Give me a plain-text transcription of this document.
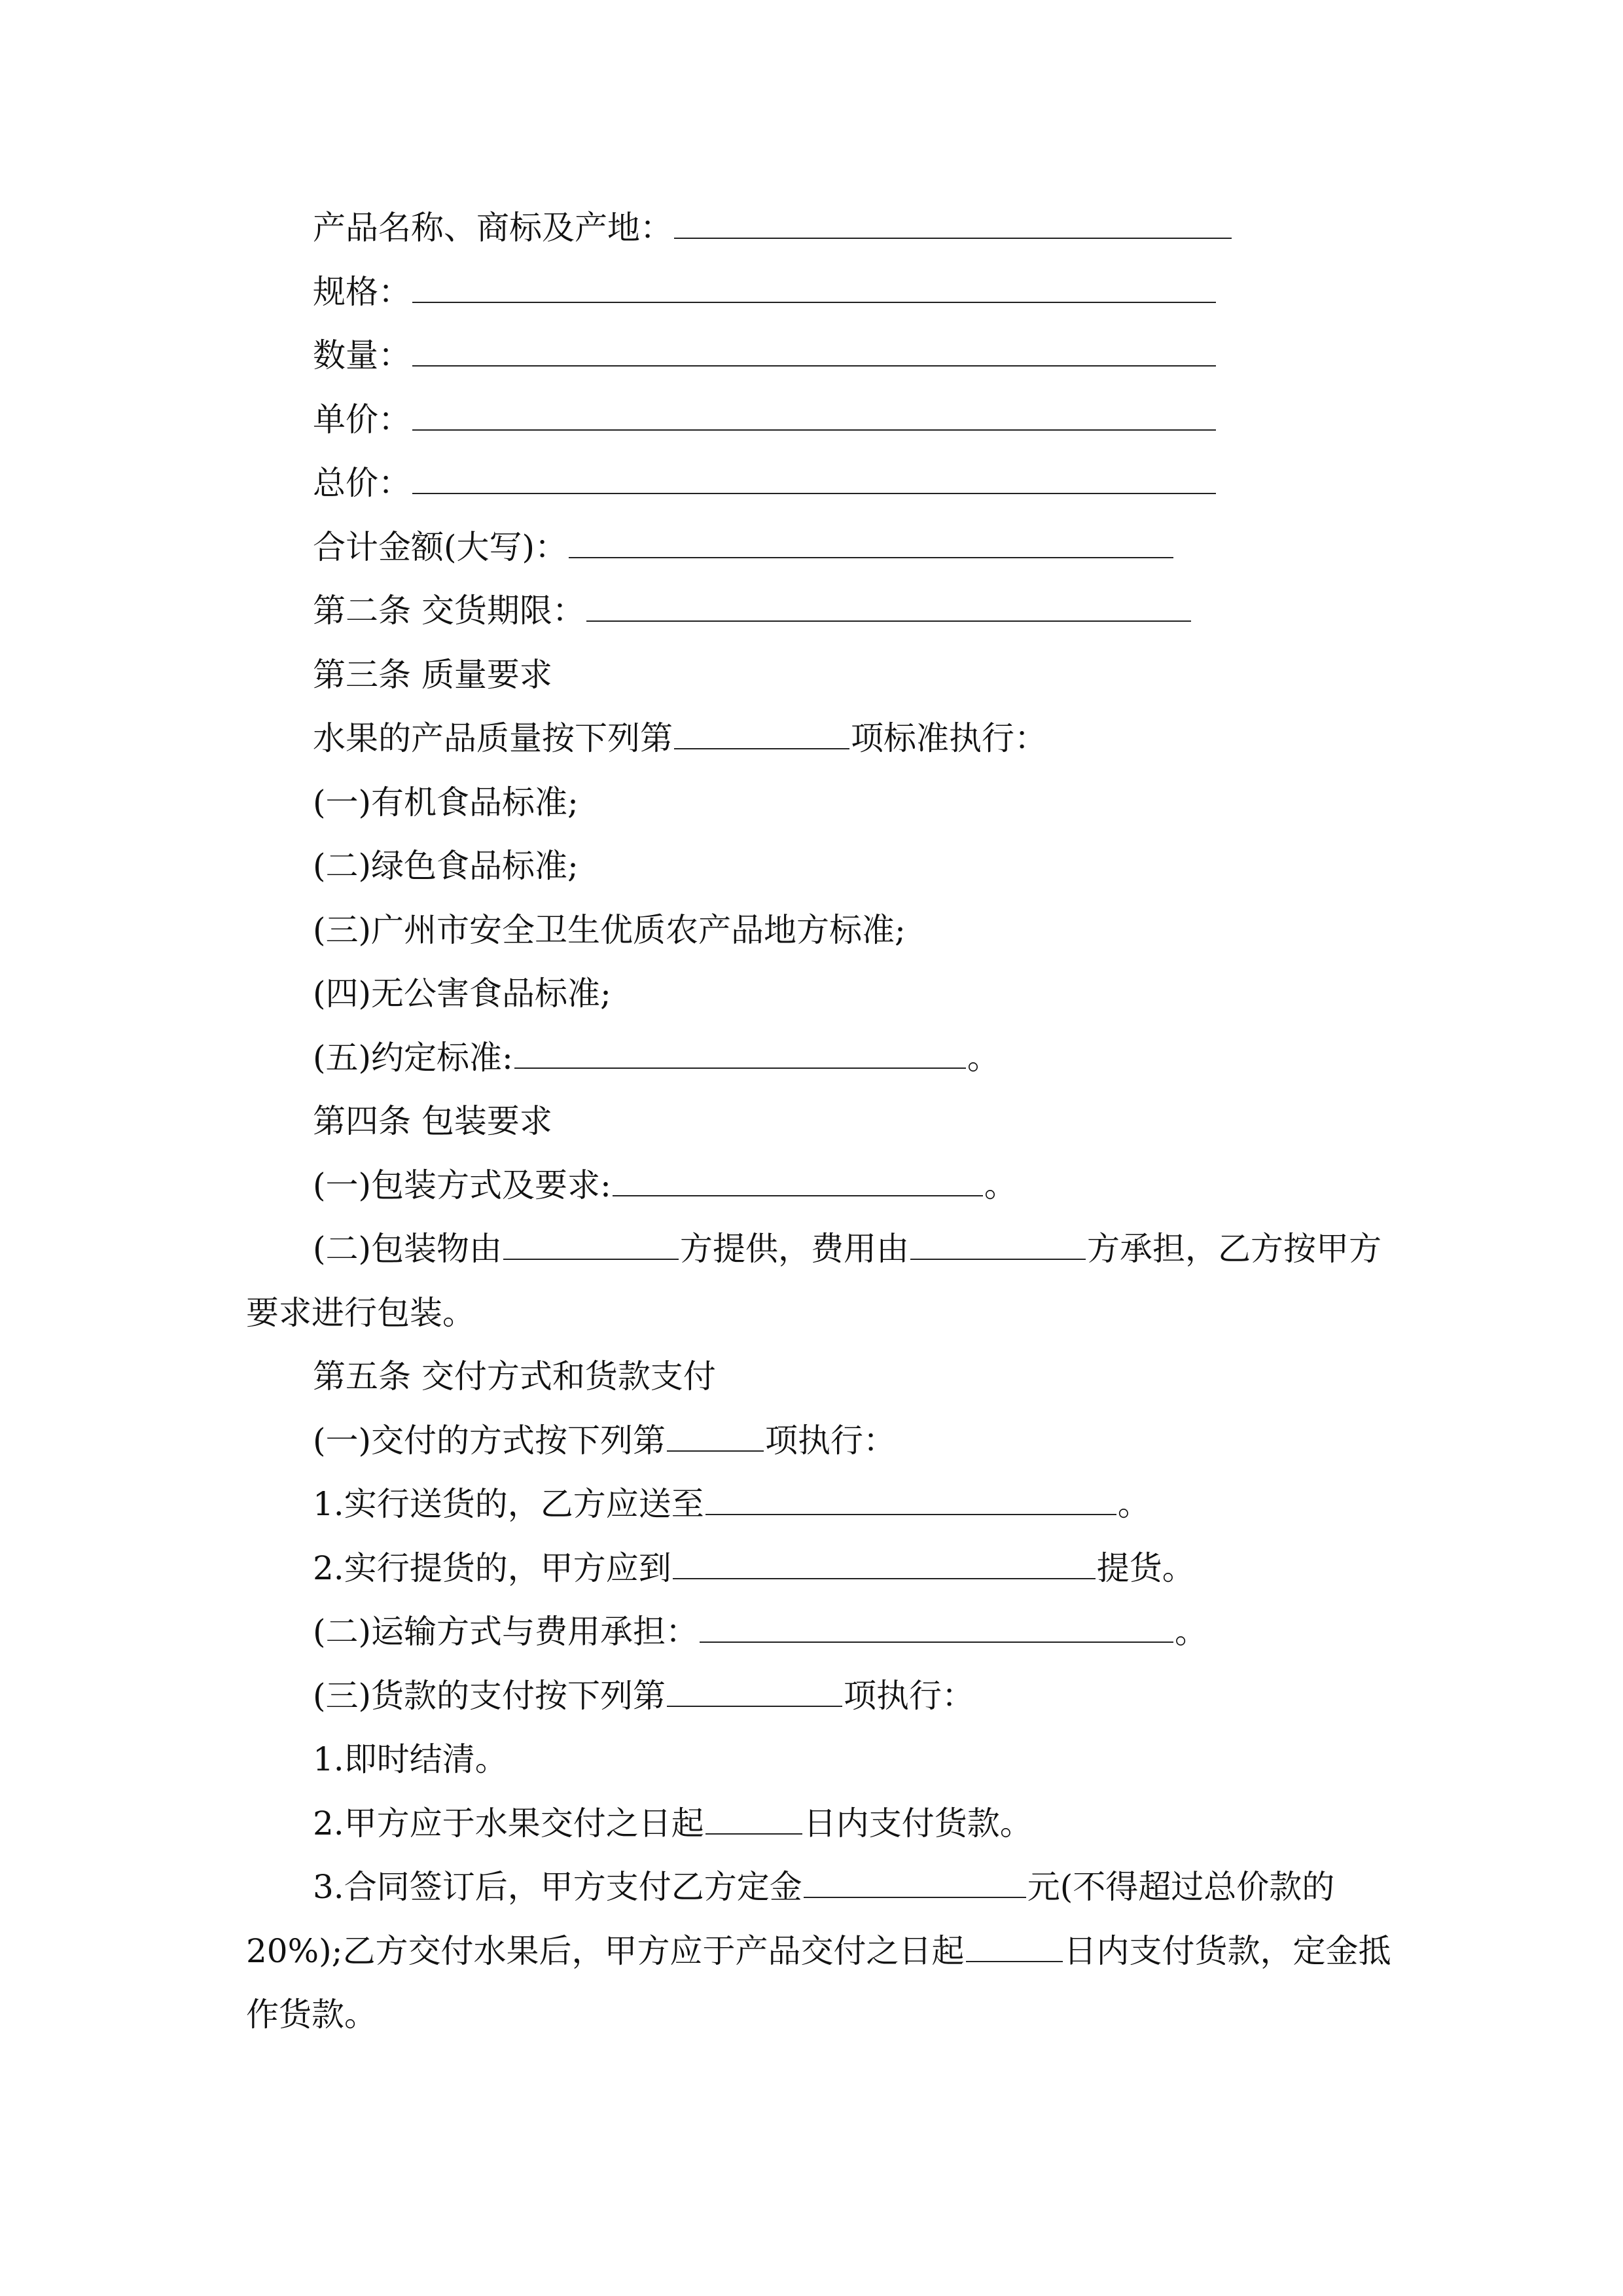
产品名称、商标及产地：
规格：
数量：
单价：
总价：
合计金额(大写)：
第二条 交货期限：
第三条 质量要求
水果的产品质量按下列第	项标准执行：
(一)有机食品标准;
(二)绿色食品标准;
(三)广州市安全卫生优质农产品地方标准;
(四)无公害食品标准;
(五)约定标准:	。
第四条 包装要求
(一)包装方式及要求:	。
(二)包装物由	方提供，费用由	方承担，乙方按甲方
要求进行包装。
第五条 交付方式和货款支付
(一)交付的方式按下列第	项执行：
1.实行送货的，乙方应送至	。
2.实行提货的，甲方应到	提货。
(二)运输方式与费用承担：	。
(三)货款的支付按下列第	项执行：
1.即时结清。
2.甲方应于水果交付之日起	日内支付货款。
3.合同签订后，甲方支付乙方定金	元(不得超过总价款的
20%);乙方交付水果后，甲方应于产品交付之日起	日内支付货款，定金抵
作货款。
